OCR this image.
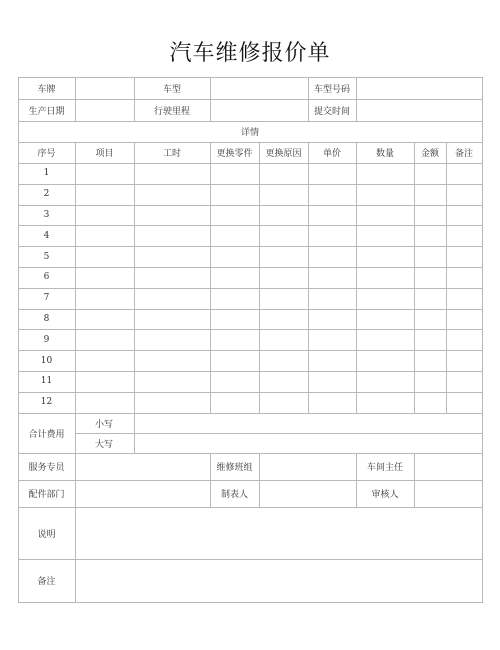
汽车维修报价单
车牌	车型	车型号码
生产日期	行驶里程	提交时间
详情
序号	项目	工时	更换零件	更换原因	单价	数量	金额	备注
1
2
3
4
5
6
7
8
9
10
11
12
合计费用
小写
大写
服务专员	维修班组	车间主任
配件部门	制表人	审核人
说明
备注
